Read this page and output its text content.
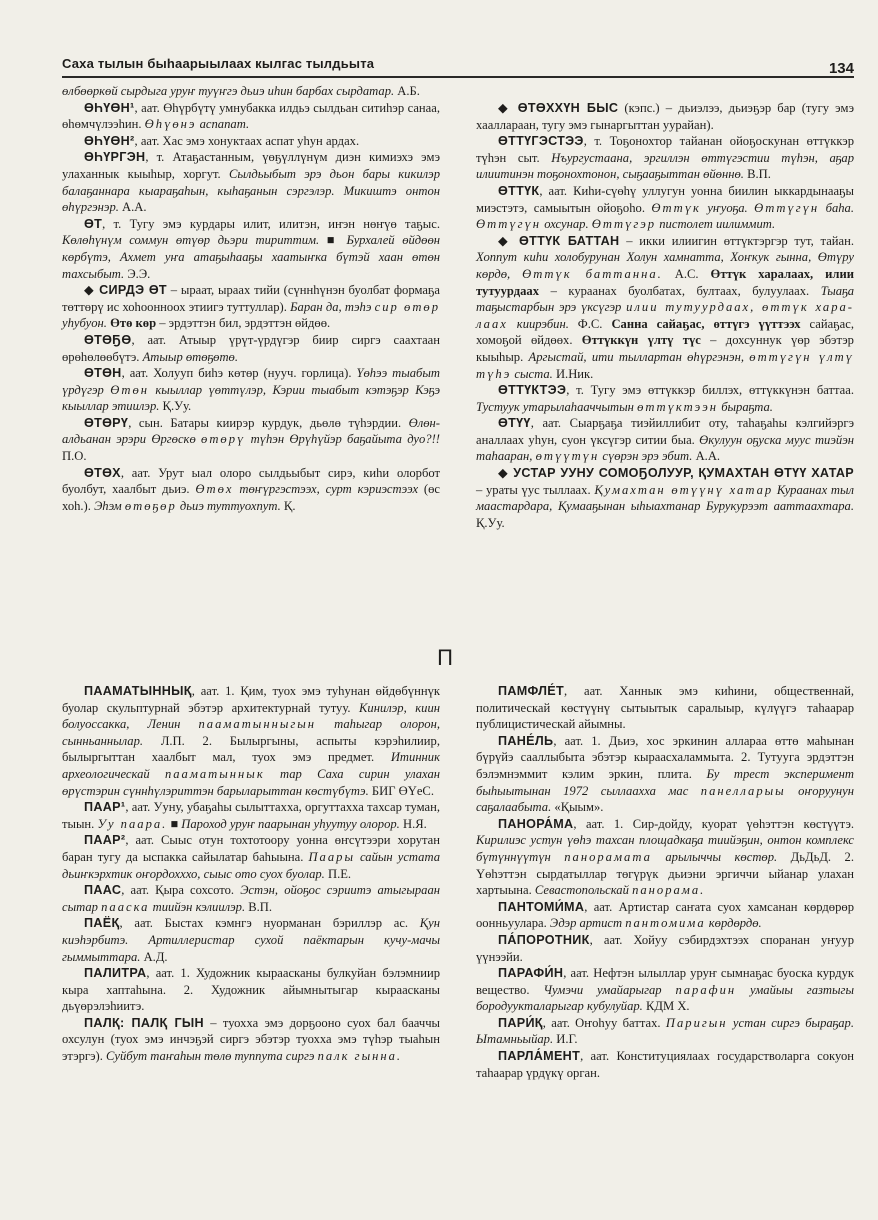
Саха тылын быһаарыылаах кылгас тылдьыта	134

өлбөөркөй сырдыга уруҥ туүҥгэ дьиэ иһин барбах сырдатар. А.Б.

ӨҺҮӨН¹, аат. Өһүрбүтү умнубакка илдьэ сылдьан ситиһэр санаа, өһөмчүлээһин. Өһүөнэ аспапат.

ӨҺҮӨН², аат. Хас эмэ хонуктаах аспат уһун ардах.

ӨҺҮРГЭН, т. Атаҕастанным, үөҕүллүнүм диэн кимиэхэ эмэ улаханнык кыыһыр, хоргут. Сылдьыбыт эрэ дьон бары кикилэр балаҕаннара кыараҕаһын, кыһаҕанын сэргэлэр. Микиштэ онтон өһүргэнэр. А.А.

ӨТ, т. Тугу эмэ курдары илит, илитэн, иҥэн нөҥүө таҕыс. Көлөһүнүм соммун өтүөр дьэри тириттим. ■ Бурхалей өйдөөн көрбүтэ, Ахмет уҥа атаҕыһааҕы хаатыҥка бүтэй хаан өтөн тахсыбыт. Э.Э.

◆ СИРДЭ ӨТ – ыраат, ыраах тийи (сүннһүнэн буолбат формаҕа төттөрү ис хоһоонноох этиигэ туттуллар). Баран да, тэһэ сир өтөр уһубуон. Өтө көр – эрдэттэн бил, эрдэттэн өйдөө.

ӨТӨҔӨ, аат. Атыыр үрүт-үрдүгэр биир сиргэ саахтаан өрөһөлөөбүтэ. Атыыр өтөҕөтө.

ӨТӨН, аат. Холууп биһэ көтөр (нууч. горлица). Үөһээ тыабыт үрдүгэр Өтөн кыыллар үөттүлэр, Кэрии тыабыт кэтэҕэр Кэҕэ кыыллар этиилэр. Қ.Уу.

ӨТӨРҮ, сын. Батары киирэр курдук, дьөлө түһэрдии. Өлөн-алдьанан эрэри Өргөскө өтөрү түһэн Өрүһүйэр баҕайыта дуо?!! П.О.

ӨТӨХ, аат. Урут ыал олоро сылдьыбыт сирэ, киһи олорбот буолбут, хаалбыт дьиэ. Өтөх төҥүргэстээх, сурт кэриэстээх (өс хоһ.). Эһэм өтөҕөр дьиэ туттуохпут. Қ.

◆ ӨТӨХХҮН БЫС (кэпс.) – дьиэлээ, дьиэҕэр бар (тугу эмэ хааллараан, тугу эмэ гынаргыттан уурайан).

ӨТТҮГЭСТЭЭ, т. Тоҕонохтор тайанан ойоҕоскунан өттүккэр түһэн сыт. Нъургустаана, эргиллэн өттүгэстии түһэн, аҕар илиитинэн тоҕонохтонон, сыҕааҕыттан өйөннө. В.П.

ӨТТҮК, аат. Киһи-сүөһү уллугун уонна биилин ыккардынааҕы миэстэтэ, самыытын ойоҕоһо. Өттүк уҥуоҕа. Өттүгүн баһа. Өттүгүн охсунар. Өттүгэр пистолет иилиммит.

◆ ӨТТҮК БАТТАН – икки илиигин өттүктэргэр тут, тайан. Хоппут киһи холобурунан Холун хамнатта, Хоҥкук гынна, Өтүру көрдө, Өттүк баттанна. А.С. Өттүк харалаах, илии тутуурдаах – кураанах буолбатах, бултаах, булуулаах. Тыаҕа таҕыстарбын эрэ үксүгэр илии тутуурдаах, өттүк хара-лаах киирэбин. Ф.С. Санна сайаҕас, өттүгэ үүттээх сайаҕас, хомоҕой өйдөөх. Өттүккүн үлтү түс – дохсуннук үөр эбэтэр кыыһыр. Аргыстай, ити тыллартан өһүргэнэн, өттүгүн үлтү түһэ сыста. И.Ник.

ӨТТҮКТЭЭ, т. Тугу эмэ өттүккэр биллэх, өттүккүнэн баттаа. Тустуук утарылаһааччытын өттүктээн быраҕта.

ӨТҮҮ, аат. Сыарҕаҕа тиэйиллибит оту, таһаҕаһы кэлгийэргэ аналлаах уһун, суон үксүгэр ситии быа. Өкулуун оҕуска муус тиэйэн таһааран, өтүүтүн сүөрэн эрэ эбит. А.А.

◆ УСТАР УУНУ СОМОҔОЛУУР, ҚУМАХТАН ӨТҮҮ ХАТАР – ураты үус тыллаах. Қумахтан өтүүнү хатар Кураанах тыл маастардара, Қумааҕынан ыһыахтанар Бурукурээт ааттаахтара. Қ.Уу.

П

ПААМАТЫННЫҚ, аат. 1. Қим, туох эмэ туһунан өйдөбүннүк буолар скульптурнай эбэтэр архитектурнай тутуу. Кинилэр, киин болуоссакка, Ленин пааматынныгын таһыгар олорон, сынньаннылар. Л.П. 2. Былыргыны, аспыты кэрэһилиир, былыргыттан хаалбыт мал, туох эмэ предмет. Итинник археологическай пааматыннык тар Саха сирин улахан өрүстэрин сүннһүлэриттэн барыларыттан көстүбүтэ. БИГ ӨҮеС.

ПААР¹, аат. Ууну, убаҕаһы сылыттахха, оргуттахха тахсар туман, тыын. Уу паара. ■ Пароход уруҥ паарынан уһуутуу олорор. Н.Я.

ПААР², аат. Сыыс отун тохтотоору уонна өҥсүтээри хорутан баран тугу да ыспакка сайылатар баһыына. Паары сайын устата дьиҥкэрхтик оҥордохххо, сыыс ото суох буолар. П.Е.

ПААС, аат. Қыра сохсото. Эстэн, ойоҕос сэриитэ атыгыраан сытар пааска тиийэн кэлиилэр. В.П.

ПАЁҚ, аат. Быстах кэмнгэ нуорманан бэриллэр ас. Қун киэһэрбитэ. Артиллеристар сухой паёктарын кучу-мачы гыммыттара. А.Д.

ПАЛИТРА, аат. 1. Художник кыраасканы булкуйан бэлэмниир кыра хаптаһына. 2. Художник айымнытыгар кыраасканы дьүөрэлэһиитэ.

ПАЛҚ: ПАЛҚ ГЫН – туохха эмэ дорҕооно суох бал бааччы охсулун (туох эмэ инчэҕэй сиргэ эбэтэр туохха эмэ түһэр тыаһын этэргэ). Суйбут таҥаһын төлө туппута сиргэ палк гынна.

ПАМФЛЕ́Т, аат. Ханнык эмэ киһини, общественнай, политическай көстүүнү сытыытык саралыыр, күлүүгэ таһаарар публицистическай айымны.

ПАНЕ́ЛЬ, аат. 1. Дьиэ, хос эркинин аллараа өттө маһынан бүрүйэ сааллыбыта эбэтэр кыраасхаламмыта. 2. Тутууга эрдэттэн бэлэмнэммит кэлим эркин, плита. Бу трест эксперимент быһыытынан 1972 сыллаахха мас панелларыы оҥоруунун саҕалаабыта. «Қыым».

ПАНОРА́МА, аат. 1. Сир-дойду, куорат үөһэттэн көстүүтэ. Кирилиэс устун үөһэ тахсан площадкаҕа тиийэҕин, онтон комплекс бүтүннүүтүн панорамата арылыччы көстөр. ДьДьД. 2. Үөһэттэн сырдатыллар төгүрүк дьиэни эргиччи ыйанар улахан хартыына. Севастопольскай панорама.

ПАНТОМИ́МА, аат. Артистар саҥата суох хамсанан көрдөрөр оонньуулара. Эдэр артист пантомима көрдөрдө.

ПА́ПОРОТНИК, аат. Хойуу сэбирдэхтээх споранан уҥуур үүнээйи.

ПАРАФИ́Н, аат. Нефтэн ылыллар уруҥ сымнаҕас буоска курдук вещество. Чумэчи умайарыгар парафин умайыы газтыгы бородуукталарыгар кубулуйар. КДМ Х.

ПАРИ́Қ, аат. Оҥоһуу баттах. Паригын устан сиргэ быраҕар. Ытамньыйар. И.Г.

ПАРЛА́МЕНТ, аат. Конституциялаах государстволарга сокуон таһаарар үрдүкү орган.
